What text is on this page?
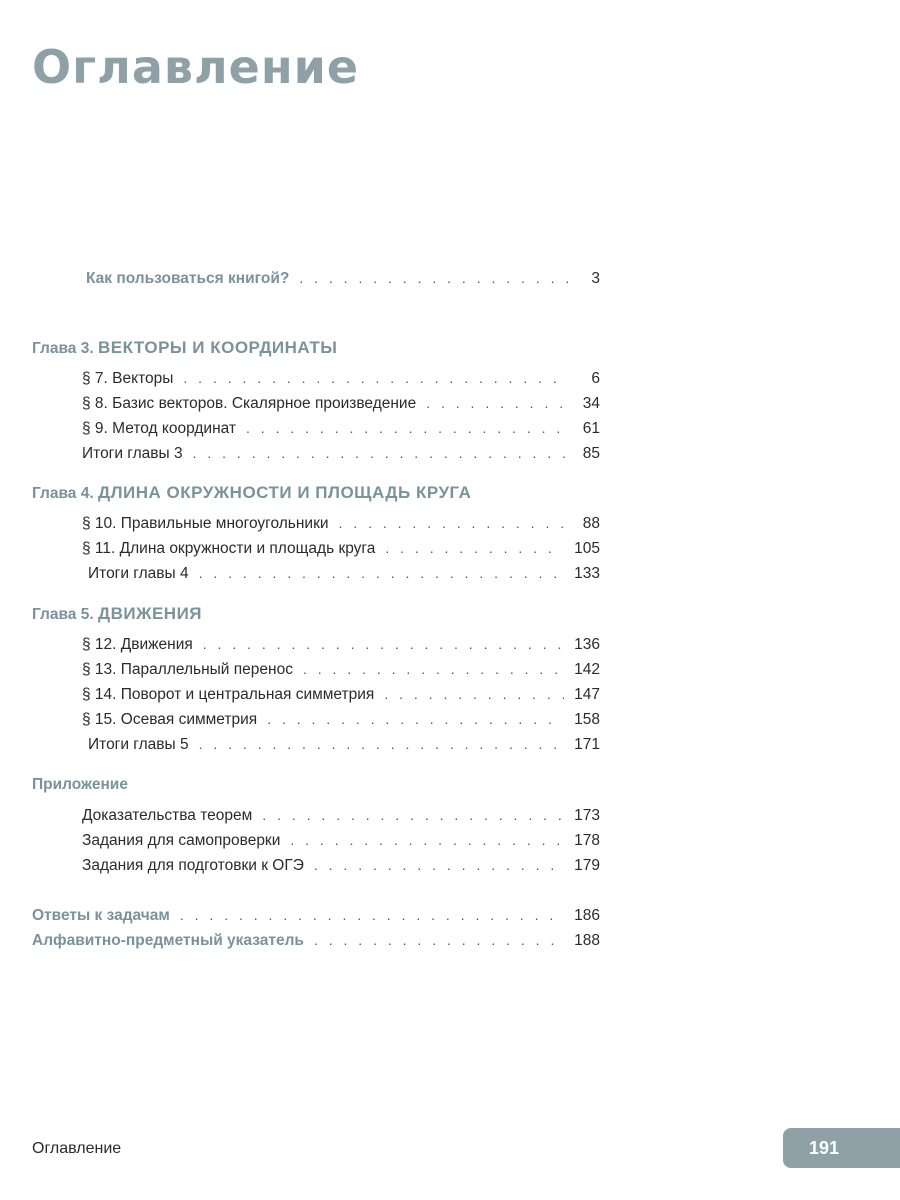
Оглавление
Как пользоваться книгой? . . .	3
Глава 3. ВЕКТОРЫ И КООРДИНАТЫ
§ 7. Векторы . . .	6
§ 8. Базис векторов. Скалярное произведение . . .	34
§ 9. Метод координат . . .	61
Итоги главы 3 . . .	85
Глава 4. ДЛИНА ОКРУЖНОСТИ И ПЛОЩАДЬ КРУГА
§ 10. Правильные многоугольники . . .	88
§ 11. Длина окружности и площадь круга . . .	105
Итоги главы 4 . . .	133
Глава 5. ДВИЖЕНИЯ
§ 12. Движения . . .	136
§ 13. Параллельный перенос . . .	142
§ 14. Поворот и центральная симметрия . . .	147
§ 15. Осевая симметрия . . .	158
Итоги главы 5 . . .	171
Приложение
Доказательства теорем . . .	173
Задания для самопроверки . . .	178
Задания для подготовки к ОГЭ . . .	179
Ответы к задачам . . .	186
Алфавитно-предметный указатель . . .	188
Оглавление	191
